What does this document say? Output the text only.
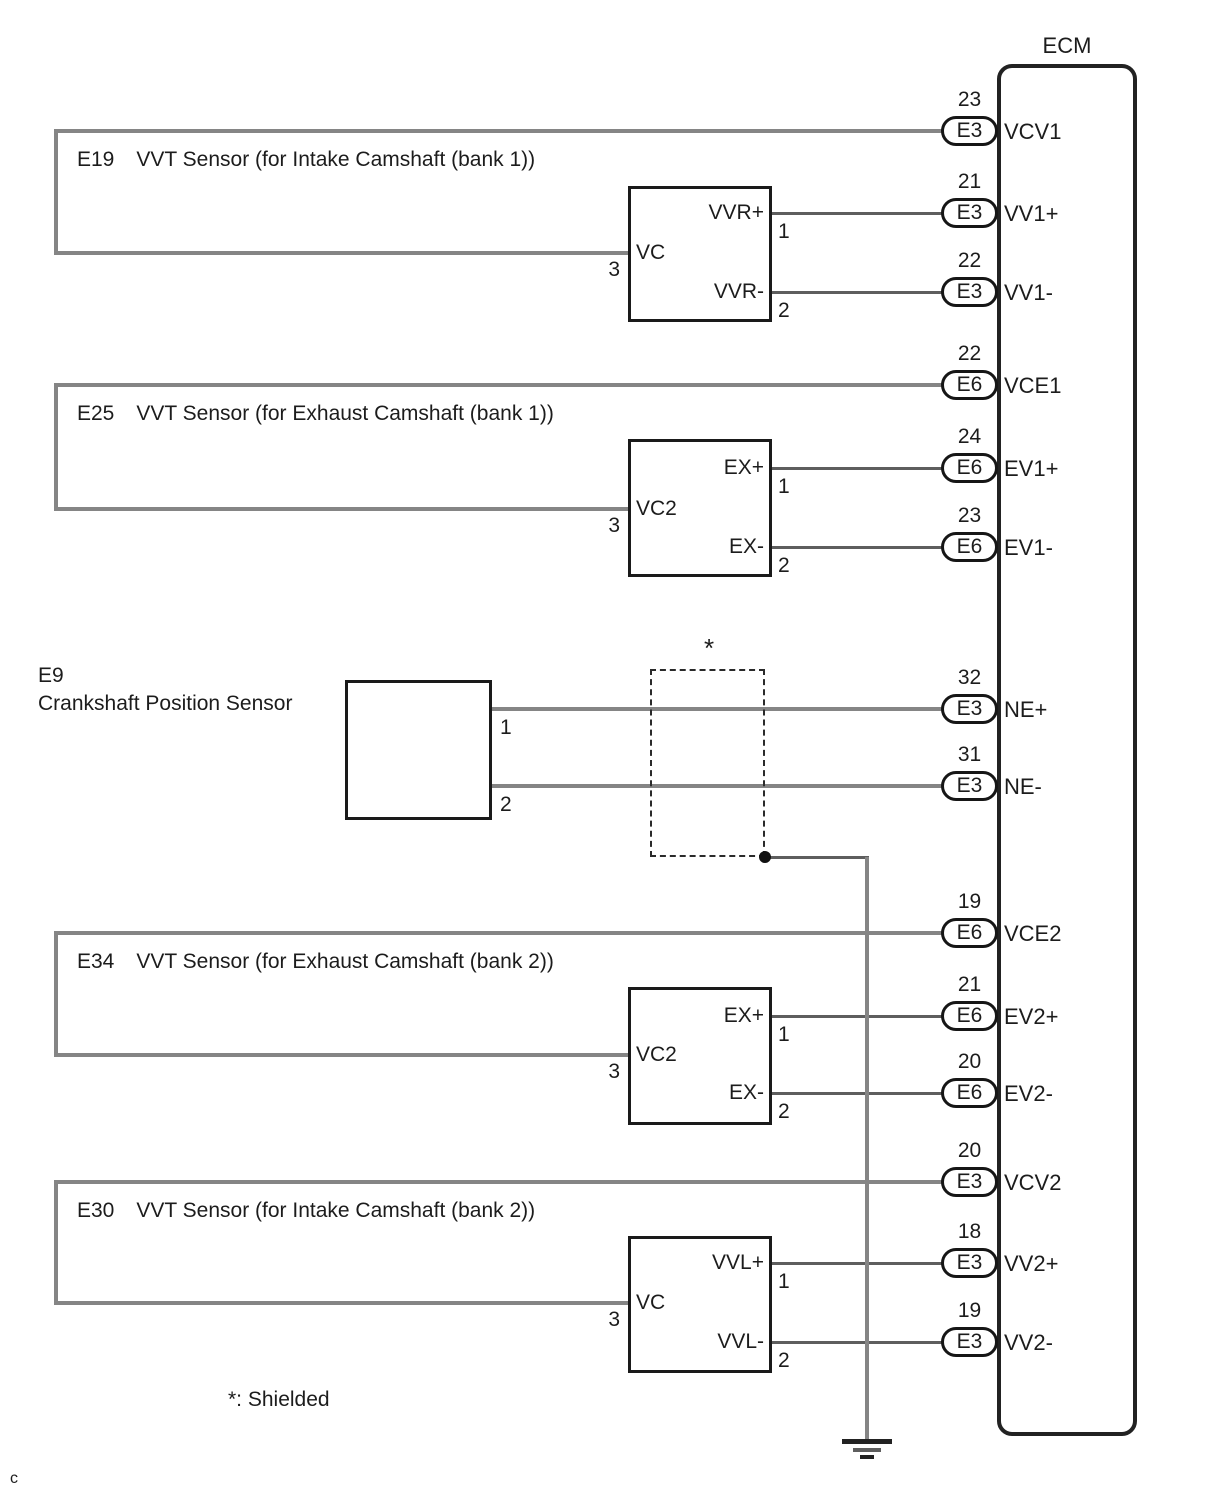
ECM
E19 VVT Sensor (for Intake Camshaft (bank 1))
VC
VVR+
VVR-
3
1
2
E25 VVT Sensor (for Exhaust Camshaft (bank 1))
VC2
EX+
EX-
3
1
2
E34 VVT Sensor (for Exhaust Camshaft (bank 2))
VC2
EX+
EX-
3
1
2
E30 VVT Sensor (for Intake Camshaft (bank 2))
VC
VVL+
VVL-
3
1
2
E9
Crankshaft Position Sensor
1
2
23
E3 VCV1
21
E3 VV1+
22
E3 VV1-
22
E6 VCE1
24
E6 EV1+
23
E6 EV1-
32
E3 NE+
31
E3 NE-
19
E6 VCE2
21
E6 EV2+
20
E6 EV2-
20
E3 VCV2
18
E3 VV2+
19
E3 VV2-
*
*: Shielded
c
